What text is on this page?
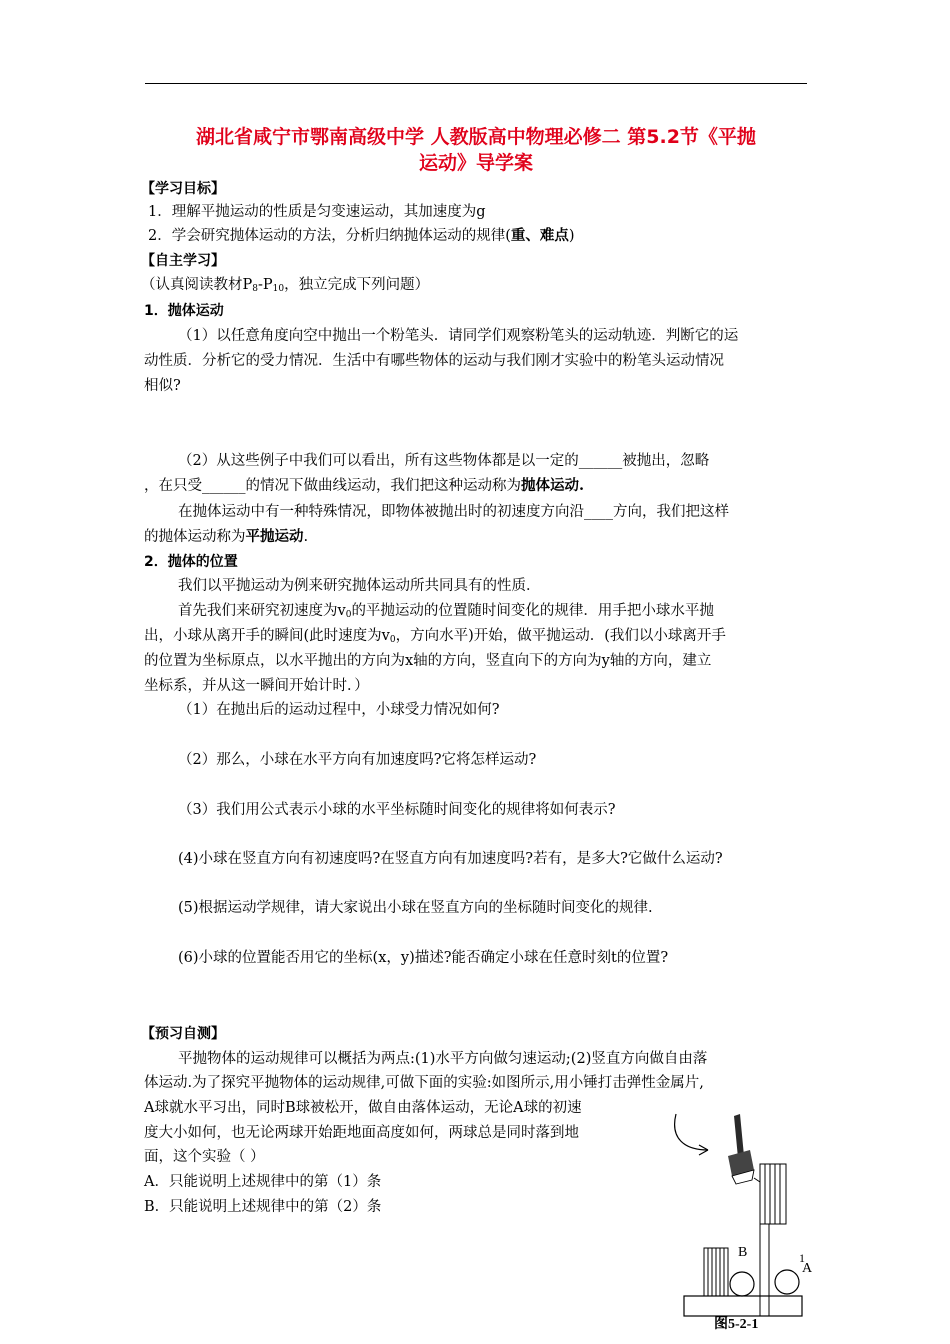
湖北省咸宁市鄂南高级中学 人教版高中物理必修二 第5.2节《平抛
运动》导学案
【学习目标】
1．理解平抛运动的性质是匀变速运动，其加速度为g
2．学会研究抛体运动的方法，分析归纳抛体运动的规律(重、难点)
【自主学习】
（认真阅读教材$P_8-P_{10}$，独立完成下列问题）
1．抛体运动
（1）以任意角度向空中抛出一个粉笔头．请同学们观察粉笔头的运动轨迹．判断它的运
动性质．分析它的受力情况．生活中有哪些物体的运动与我们刚才实验中的粉笔头运动情况
相似?
（2）从这些例子中我们可以看出，所有这些物体都是以一定的______被抛出，忽略
，在只受______的情况下做曲线运动，我们把这种运动称为抛体运动.
在抛体运动中有一种特殊情况，即物体被抛出时的初速度方向沿____方向，我们把这样
的抛体运动称为平抛运动.
2．抛体的位置
我们以平抛运动为例来研究抛体运动所共同具有的性质．
首先我们来研究初速度为$v_0$的平抛运动的位置随时间变化的规律．用手把小球水平抛
出，小球从离开手的瞬间(此时速度为$v_0$，方向水平)开始，做平抛运动．(我们以小球离开手
的位置为坐标原点，以水平抛出的方向为x轴的方向，竖直向下的方向为y轴的方向，建立
坐标系，并从这一瞬间开始计时．）
（1）在抛出后的运动过程中，小球受力情况如何?
（2）那么，小球在水平方向有加速度吗?它将怎样运动?
（3）我们用公式表示小球的水平坐标随时间变化的规律将如何表示?
(4)小球在竖直方向有初速度吗?在竖直方向有加速度吗?若有，是多大?它做什么运动?
(5)根据运动学规律，请大家说出小球在竖直方向的坐标随时间变化的规律.
(6)小球的位置能否用它的坐标(x，y)描述?能否确定小球在任意时刻t的位置?
【预习自测】
平抛物体的运动规律可以概括为两点:(1)水平方向做匀速运动;(2)竖直方向做自由落
体运动.为了探究平抛物体的运动规律,可做下面的实验:如图所示,用小锤打击弹性金属片,
A球就水平习出，同时B球被松开，做自由落体运动，无论A球的初速
度大小如何，也无论两球开始距地面高度如何，两球总是同时落到地
面，这个实验（ ）
A．只能说明上述规律中的第（1）条
B．只能说明上述规律中的第（2）条
B	1
A
图5-2-1
